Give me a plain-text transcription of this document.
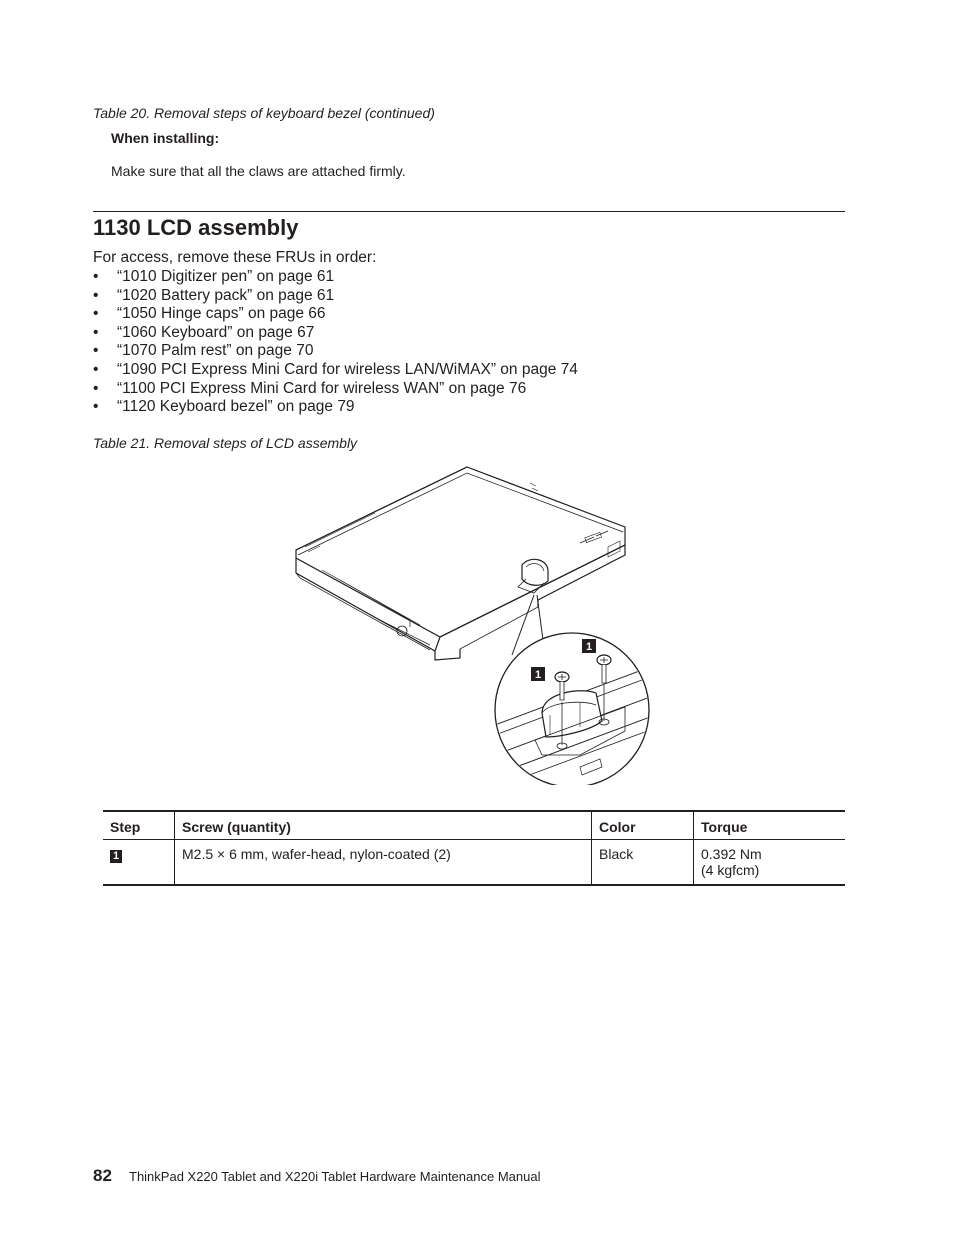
Table 20. Removal steps of keyboard bezel (continued)
When installing:
Make sure that all the claws are attached firmly.
1130 LCD assembly
For access, remove these FRUs in order:
• “1010 Digitizer pen” on page 61
• “1020 Battery pack” on page 61
• “1050 Hinge caps” on page 66
• “1060 Keyboard” on page 67
• “1070 Palm rest” on page 70
• “1090 PCI Express Mini Card for wireless LAN/WiMAX” on page 74
• “1100 PCI Express Mini Card for wireless WAN” on page 76
• “1120 Keyboard bezel” on page 79
Table 21. Removal steps of LCD assembly
1
1
Step	Screw (quantity)	Color	Torque
1	M2.5 × 6 mm, wafer-head, nylon-coated (2)	Black	0.392 Nm
(4 kgfcm)
82 ThinkPad X220 Tablet and X220i Tablet Hardware Maintenance Manual
